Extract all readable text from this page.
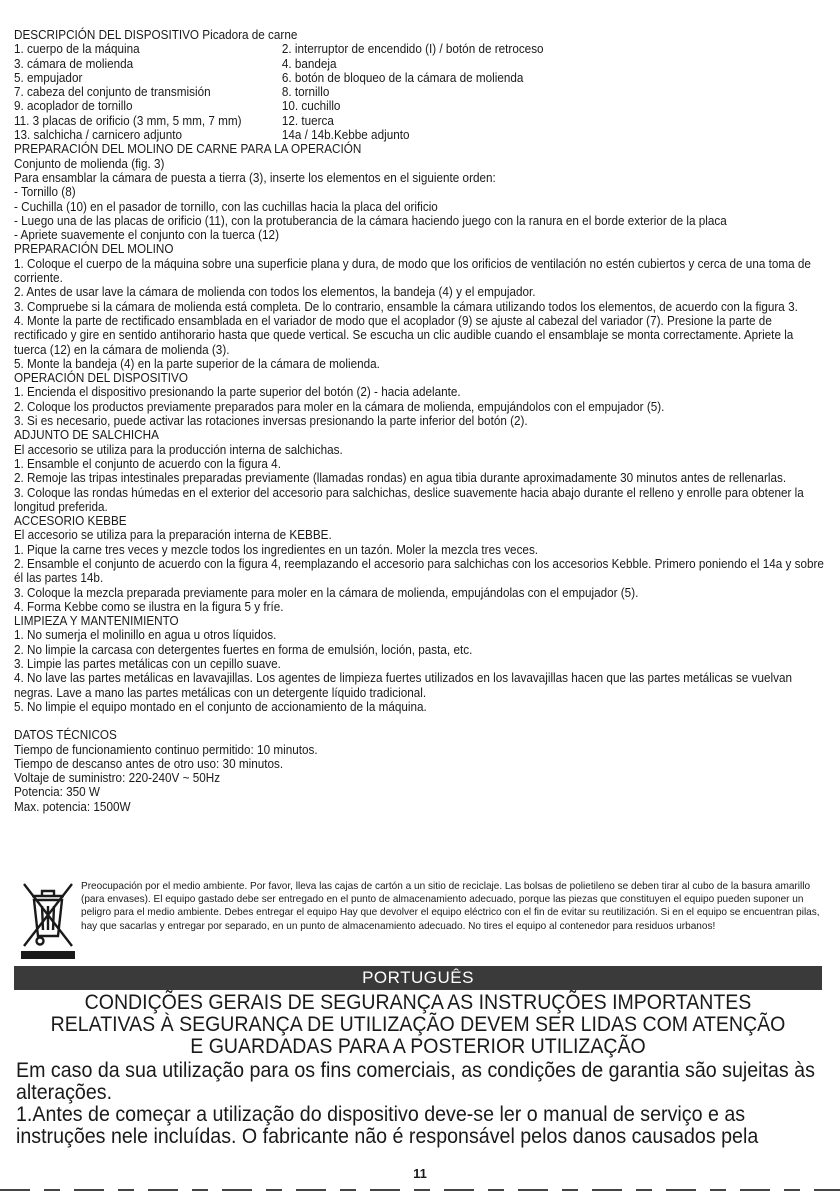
DESCRIPCIÓN DEL DISPOSITIVO Picadora de carne

1. cuerpo de la máquina	2. interruptor de encendido (I) / botón de retroceso
3. cámara de molienda	4. bandeja
5. empujador	6. botón de bloqueo de la cámara de molienda
7. cabeza del conjunto de transmisión	8. tornillo
9. acoplador de tornillo	10. cuchillo
11. 3 placas de orificio (3 mm, 5 mm, 7 mm)	12. tuerca
13. salchicha / carnicero adjunto	14a / 14b.Kebbe adjunto

PREPARACIÓN DEL MOLINO DE CARNE PARA LA OPERACIÓN

Conjunto de molienda (fig. 3)

Para ensamblar la cámara de puesta a tierra (3), inserte los elementos en el siguiente orden:

- Tornillo (8)

- Cuchilla (10) en el pasador de tornillo, con las cuchillas hacia la placa del orificio

- Luego una de las placas de orificio (11), con la protuberancia de la cámara haciendo juego con la ranura en el borde exterior de la placa

- Apriete suavemente el conjunto con la tuerca (12)

PREPARACIÓN DEL MOLINO

1. Coloque el cuerpo de la máquina sobre una superficie plana y dura, de modo que los orificios de ventilación no estén cubiertos y cerca de una toma de corriente.

2. Antes de usar lave la cámara de molienda con todos los elementos, la bandeja (4) y el empujador.

3. Compruebe si la cámara de molienda está completa. De lo contrario, ensamble la cámara utilizando todos los elementos, de acuerdo con la figura 3.

4. Monte la parte de rectificado ensamblada en el variador de modo que el acoplador (9) se ajuste al cabezal del variador (7). Presione la parte de rectificado y gire en sentido antihorario hasta que quede vertical. Se escucha un clic audible cuando el ensamblaje se monta correctamente. Apriete la tuerca (12) en la cámara de molienda (3).

5. Monte la bandeja (4) en la parte superior de la cámara de molienda.

OPERACIÓN DEL DISPOSITIVO

1. Encienda el dispositivo presionando la parte superior del botón (2) - hacia adelante.

2. Coloque los productos previamente preparados para moler en la cámara de molienda, empujándolos con el empujador (5).

3. Si es necesario, puede activar las rotaciones inversas presionando la parte inferior del botón (2).

ADJUNTO DE SALCHICHA

El accesorio se utiliza para la producción interna de salchichas.

1. Ensamble el conjunto de acuerdo con la figura 4.

2. Remoje las tripas intestinales preparadas previamente (llamadas rondas) en agua tibia durante aproximadamente 30 minutos antes de rellenarlas.

3. Coloque las rondas húmedas en el exterior del accesorio para salchichas, deslice suavemente hacia abajo durante el relleno y enrolle para obtener la longitud preferida.

ACCESORIO KEBBE

El accesorio se utiliza para la preparación interna de KEBBE.

1. Pique la carne tres veces y mezcle todos los ingredientes en un tazón. Moler la mezcla tres veces.

2. Ensamble el conjunto de acuerdo con la figura 4, reemplazando el accesorio para salchichas con los accesorios Kebble. Primero poniendo el 14a y sobre él las partes 14b.

3. Coloque la mezcla preparada previamente para moler en la cámara de molienda, empujándolas con el empujador (5).

4. Forma Kebbe como se ilustra en la figura 5 y fríe.

LIMPIEZA Y MANTENIMIENTO

1. No sumerja el molinillo en agua u otros líquidos.

2. No limpie la carcasa con detergentes fuertes en forma de emulsión, loción, pasta, etc.

3. Limpie las partes metálicas con un cepillo suave.

4. No lave las partes metálicas en lavavajillas. Los agentes de limpieza fuertes utilizados en los lavavajillas hacen que las partes metálicas se vuelvan negras. Lave a mano las partes metálicas con un detergente líquido tradicional.

5. No limpie el equipo montado en el conjunto de accionamiento de la máquina.

DATOS TÉCNICOS

Tiempo de funcionamiento continuo permitido: 10 minutos.

Tiempo de descanso antes de otro uso: 30 minutos.

Voltaje de suministro: 220-240V ~ 50Hz

Potencia: 350 W

Max. potencia: 1500W

Preocupación por el medio ambiente. Por favor, lleva las cajas de cartón a un sitio de reciclaje. Las bolsas de polietileno se deben tirar al cubo de la basura amarillo (para envases). El equipo gastado debe ser entregado en el punto de almacenamiento adecuado, porque las piezas que constituyen el equipo pueden suponer un peligro para el medio ambiente. Debes entregar el equipo Hay que devolver el equipo eléctrico con el fin de evitar su reutilización. Si en el equipo se encuentran pilas, hay que sacarlas y entregar por separado, en un punto de almacenamiento adecuado. No tires el equipo al contenedor para residuos urbanos!
PORTUGUÊS
CONDIÇÕES GERAIS DE SEGURANÇA AS INSTRUÇÕES IMPORTANTES RELATIVAS À SEGURANÇA DE UTILIZAÇÃO DEVEM SER LIDAS COM ATENÇÃO E GUARDADAS PARA A POSTERIOR UTILIZAÇÃO

Em caso da sua utilização para os fins comerciais, as condições de garantia são sujeitas às alterações.

1.Antes de começar a utilização do dispositivo deve-se ler o manual de serviço e as instruções nele incluídas. O fabricante não é responsável pelos danos causados pela

11
